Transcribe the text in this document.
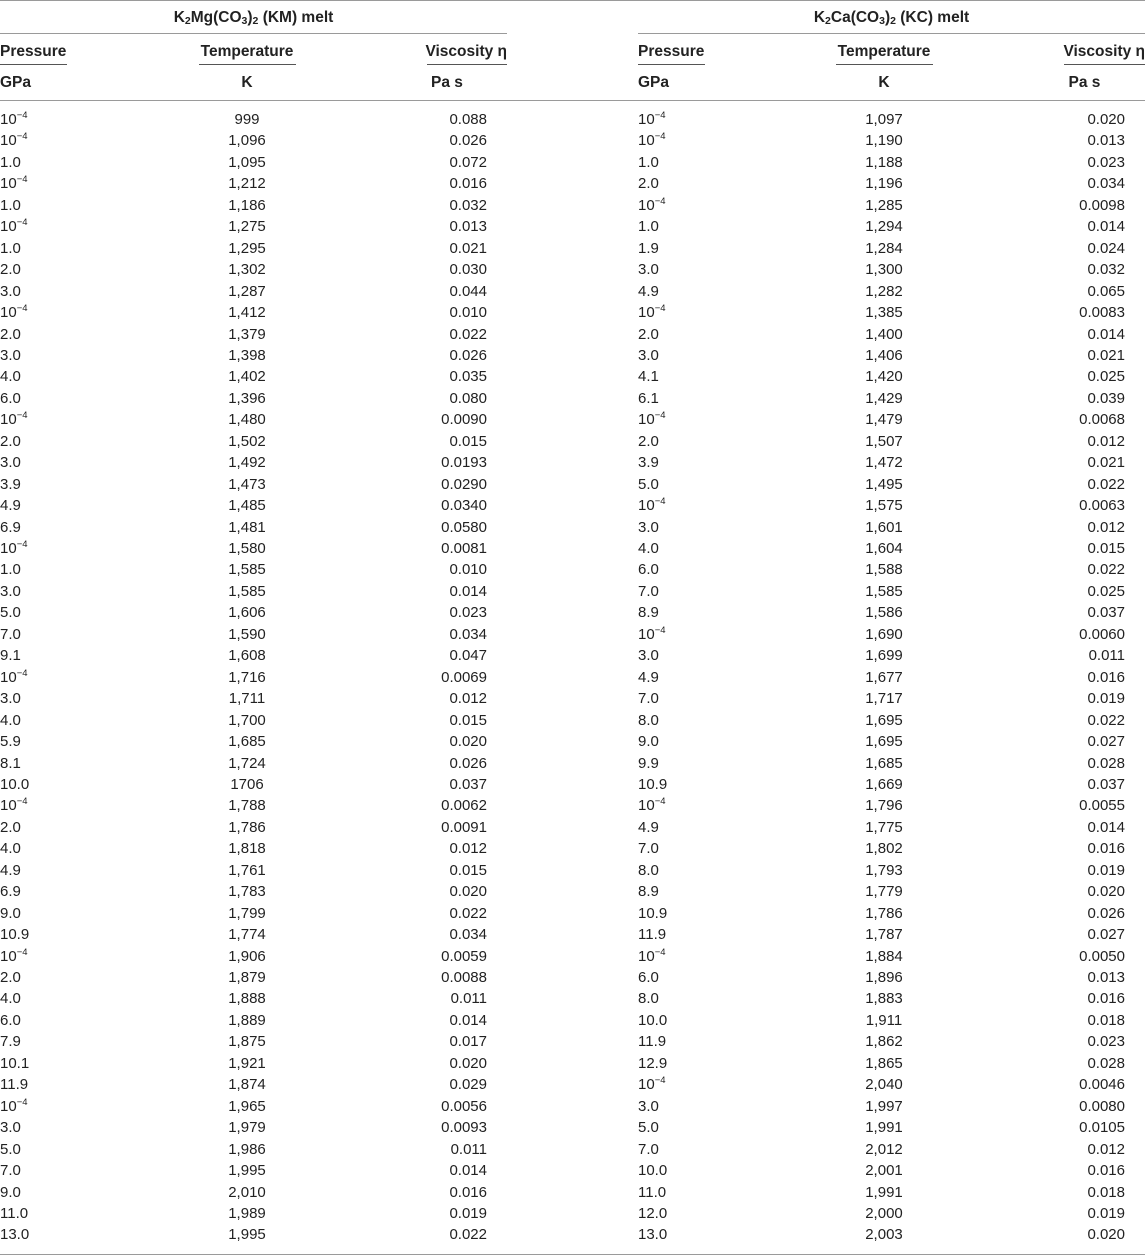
$K_2Mg(CO_3)_2$ (KM) melt
Pressure
GPa
Temperature
K
Viscosity η
Pa s
$10^{-4}$	999	0.088
$10^{-4}$	1,096	0.026
1.0	1,095	0.072
$10^{-4}$	1,212	0.016
1.0	1,186	0.032
$10^{-4}$	1,275	0.013
1.0	1,295	0.021
2.0	1,302	0.030
3.0	1,287	0.044
$10^{-4}$	1,412	0.010
2.0	1,379	0.022
3.0	1,398	0.026
4.0	1,402	0.035
6.0	1,396	0.080
$10^{-4}$	1,480	0.0090
2.0	1,502	0.015
3.0	1,492	0.0193
3.9	1,473	0.0290
4.9	1,485	0.0340
6.9	1,481	0.0580
$10^{-4}$	1,580	0.0081
1.0	1,585	0.010
3.0	1,585	0.014
5.0	1,606	0.023
7.0	1,590	0.034
9.1	1,608	0.047
$10^{-4}$	1,716	0.0069
3.0	1,711	0.012
4.0	1,700	0.015
5.9	1,685	0.020
8.1	1,724	0.026
10.0	1706	0.037
$10^{-4}$	1,788	0.0062
2.0	1,786	0.0091
4.0	1,818	0.012
4.9	1,761	0.015
6.9	1,783	0.020
9.0	1,799	0.022
10.9	1,774	0.034
$10^{-4}$	1,906	0.0059
2.0	1,879	0.0088
4.0	1,888	0.011
6.0	1,889	0.014
7.9	1,875	0.017
10.1	1,921	0.020
11.9	1,874	0.029
$10^{-4}$	1,965	0.0056
3.0	1,979	0.0093
5.0	1,986	0.011
7.0	1,995	0.014
9.0	2,010	0.016
11.0	1,989	0.019
13.0	1,995	0.022
$K_2Ca(CO_3)_2$ (KC) melt
Pressure
GPa
Temperature
K
Viscosity η
Pa s
$10^{-4}$	1,097	0.020
$10^{-4}$	1,190	0.013
1.0	1,188	0.023
2.0	1,196	0.034
$10^{-4}$	1,285	0.0098
1.0	1,294	0.014
1.9	1,284	0.024
3.0	1,300	0.032
4.9	1,282	0.065
$10^{-4}$	1,385	0.0083
2.0	1,400	0.014
3.0	1,406	0.021
4.1	1,420	0.025
6.1	1,429	0.039
$10^{-4}$	1,479	0.0068
2.0	1,507	0.012
3.9	1,472	0.021
5.0	1,495	0.022
$10^{-4}$	1,575	0.0063
3.0	1,601	0.012
4.0	1,604	0.015
6.0	1,588	0.022
7.0	1,585	0.025
8.9	1,586	0.037
$10^{-4}$	1,690	0.0060
3.0	1,699	0.011
4.9	1,677	0.016
7.0	1,717	0.019
8.0	1,695	0.022
9.0	1,695	0.027
9.9	1,685	0.028
10.9	1,669	0.037
$10^{-4}$	1,796	0.0055
4.9	1,775	0.014
7.0	1,802	0.016
8.0	1,793	0.019
8.9	1,779	0.020
10.9	1,786	0.026
11.9	1,787	0.027
$10^{-4}$	1,884	0.0050
6.0	1,896	0.013
8.0	1,883	0.016
10.0	1,911	0.018
11.9	1,862	0.023
12.9	1,865	0.028
$10^{-4}$	2,040	0.0046
3.0	1,997	0.0080
5.0	1,991	0.0105
7.0	2,012	0.012
10.0	2,001	0.016
11.0	1,991	0.018
12.0	2,000	0.019
13.0	2,003	0.020
